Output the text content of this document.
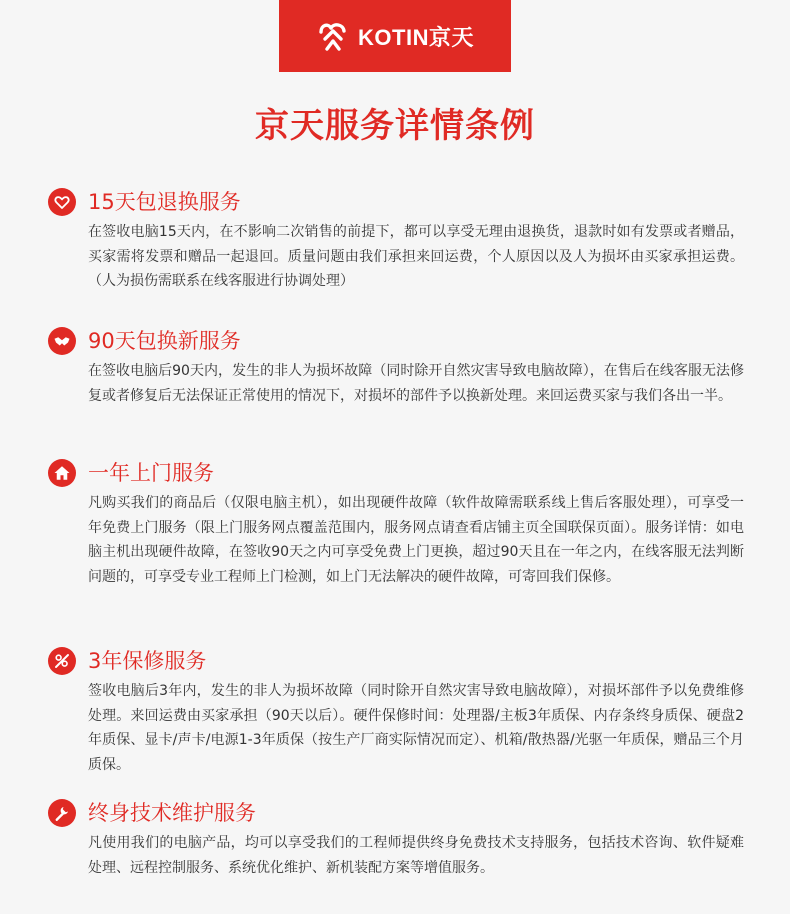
KOTIN京天
京天服务详情条例
15天包退换服务
在签收电脑15天内，在不影响二次销售的前提下，都可以享受无理由退换货，退款时如有发票或者赠品，买家需将发票和赠品一起退回。质量问题由我们承担来回运费，个人原因以及人为损坏由买家承担运费。（人为损伤需联系在线客服进行协调处理）
90天包换新服务
在签收电脑后90天内，发生的非人为损坏故障（同时除开自然灾害导致电脑故障），在售后在线客服无法修复或者修复后无法保证正常使用的情况下，对损坏的部件予以换新处理。来回运费买家与我们各出一半。
一年上门服务
凡购买我们的商品后（仅限电脑主机），如出现硬件故障（软件故障需联系线上售后客服处理），可享受一年免费上门服务（限上门服务网点覆盖范围内，服务网点请查看店铺主页全国联保页面）。服务详情：如电脑主机出现硬件故障，在签收90天之内可享受免费上门更换，超过90天且在一年之内，在线客服无法判断问题的，可享受专业工程师上门检测，如上门无法解决的硬件故障，可寄回我们保修。
3年保修服务
签收电脑后3年内，发生的非人为损坏故障（同时除开自然灾害导致电脑故障），对损坏部件予以免费维修处理。来回运费由买家承担（90天以后）。硬件保修时间：处理器/主板3年质保、内存条终身质保、硬盘2年质保、显卡/声卡/电源1-3年质保（按生产厂商实际情况而定）、机箱/散热器/光驱一年质保，赠品三个月质保。
终身技术维护服务
凡使用我们的电脑产品，均可以享受我们的工程师提供终身免费技术支持服务，包括技术咨询、软件疑难处理、远程控制服务、系统优化维护、新机装配方案等增值服务。
